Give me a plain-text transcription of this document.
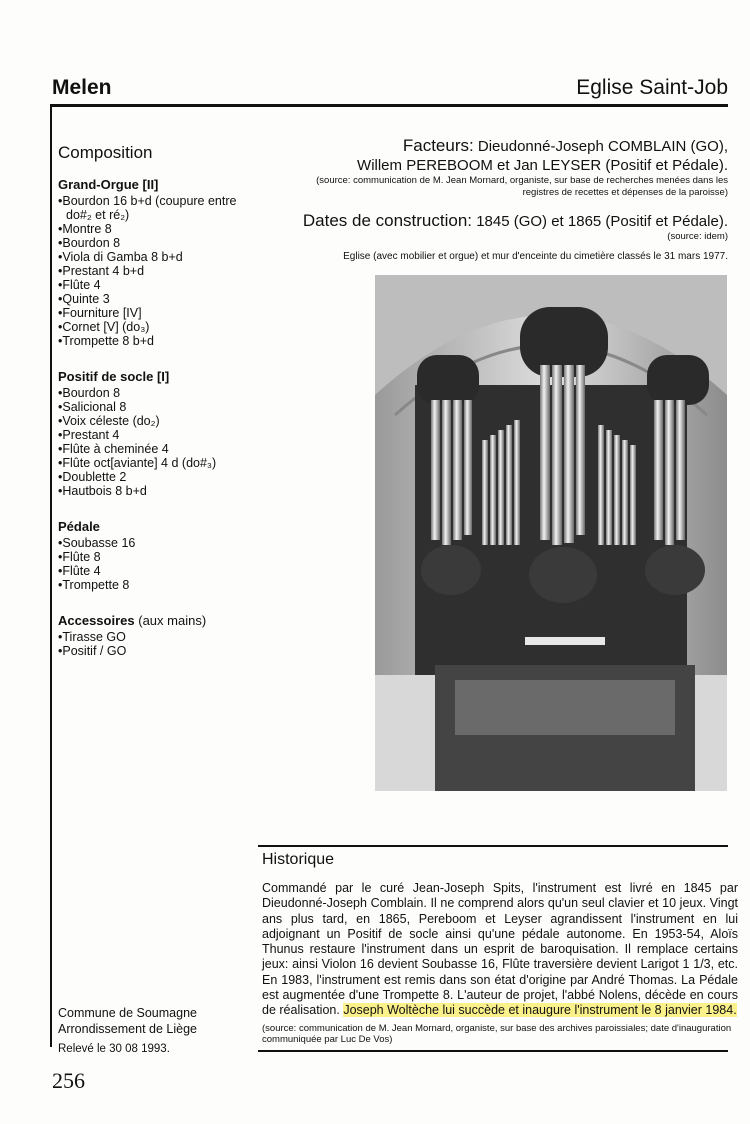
Melen	Eglise Saint-Job
Composition
Grand-Orgue [II]
• Bourdon 16 b+d (coupure entre do#₂ et ré₂)
• Montre 8
• Bourdon 8
• Viola di Gamba 8 b+d
• Prestant 4 b+d
• Flûte 4
• Quinte 3
• Fourniture [IV]
• Cornet [V] (do₃)
• Trompette 8 b+d
Positif de socle [I]
• Bourdon 8
• Salicional 8
• Voix céleste (do₂)
• Prestant 4
• Flûte à cheminée 4
• Flûte oct[aviante] 4 d (do#₃)
• Doublette 2
• Hautbois 8 b+d
Pédale
• Soubasse 16
• Flûte 8
• Flûte 4
• Trompette 8
Accessoires (aux mains)
• Tirasse GO
• Positif / GO
Facteurs: Dieudonné-Joseph COMBLAIN (GO),
Willem PEREBOOM et Jan LEYSER (Positif et Pédale).
(source: communication de M. Jean Mornard, organiste, sur base de recherches menées dans les registres de recettes et dépenses de la paroisse)
Dates de construction: 1845 (GO) et 1865 (Positif et Pédale).
(source: idem)
Eglise (avec mobilier et orgue) et mur d'enceinte du cimetière classés le 31 mars 1977.
Historique

Commandé par le curé Jean-Joseph Spits, l'instrument est livré en 1845 par Dieudonné-Joseph Comblain. Il ne comprend alors qu'un seul clavier et 10 jeux. Vingt ans plus tard, en 1865, Pereboom et Leyser agrandissent l'instrument en lui adjoignant un Positif de socle ainsi qu'une pédale autonome. En 1953-54, Aloïs Thunus restaure l'instrument dans un esprit de baroquisation. Il remplace certains jeux: ainsi Violon 16 devient Soubasse 16, Flûte traversière devient Larigot 1 1/3, etc. En 1983, l'instrument est remis dans son état d'origine par André Thomas. La Pédale est augmentée d'une Trompette 8. L'auteur de projet, l'abbé Nolens, décède en cours de réalisation. Joseph Woltèche lui succède et inaugure l'instrument le 8 janvier 1984.

(source: communication de M. Jean Mornard, organiste, sur base des archives paroissiales; date d'inauguration communiquée par Luc De Vos)
Commune de Soumagne
Arrondissement de Liège
Relevé le 30 08 1993.
256
